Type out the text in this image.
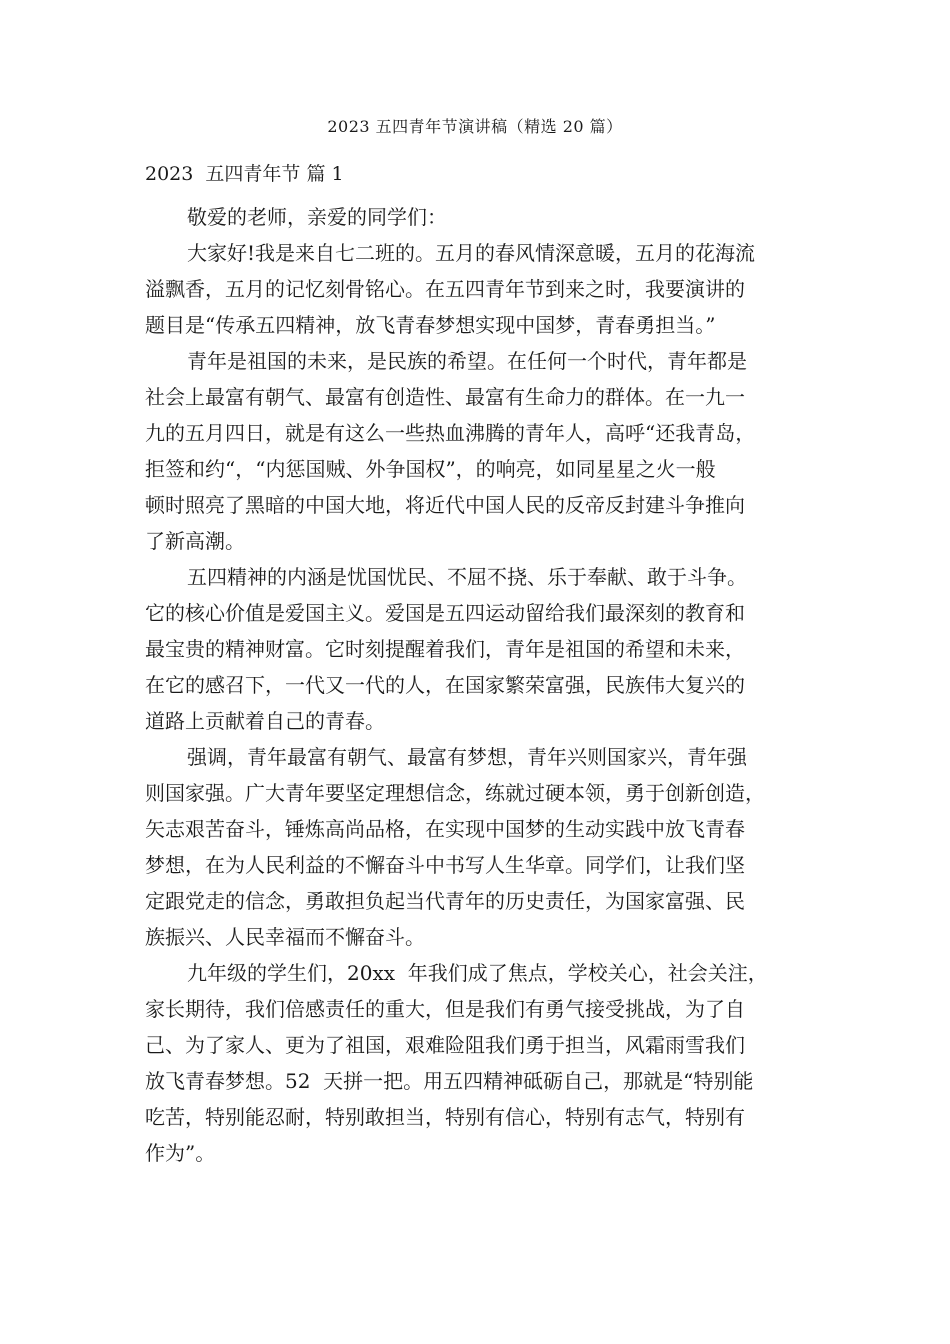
2023 五四青年节演讲稿（精选 20 篇）
2023  五四青年节 篇 1

敬爱的老师，亲爱的同学们：

大家好!我是来自七二班的。五月的春风情深意暖，五月的花海流
溢飘香，五月的记忆刻骨铭心。在五四青年节到来之时，我要演讲的
题目是“传承五四精神，放飞青春梦想实现中国梦，青春勇担当。”

青年是祖国的未来，是民族的希望。在任何一个时代，青年都是
社会上最富有朝气、最富有创造性、最富有生命力的群体。在一九一
九的五月四日，就是有这么一些热血沸腾的青年人，高呼“还我青岛，
拒签和约“，“内惩国贼、外争国权”，的响亮，如同星星之火一般
顿时照亮了黑暗的中国大地，将近代中国人民的反帝反封建斗争推向
了新高潮。

五四精神的内涵是忧国忧民、不屈不挠、乐于奉献、敢于斗争。
它的核心价值是爱国主义。爱国是五四运动留给我们最深刻的教育和
最宝贵的精神财富。它时刻提醒着我们，青年是祖国的希望和未来，
在它的感召下，一代又一代的人，在国家繁荣富强，民族伟大复兴的
道路上贡献着自己的青春。

强调，青年最富有朝气、最富有梦想，青年兴则国家兴，青年强
则国家强。广大青年要坚定理想信念，练就过硬本领，勇于创新创造，
矢志艰苦奋斗，锤炼高尚品格，在实现中国梦的生动实践中放飞青春
梦想，在为人民利益的不懈奋斗中书写人生华章。同学们，让我们坚
定跟党走的信念，勇敢担负起当代青年的历史责任，为国家富强、民
族振兴、人民幸福而不懈奋斗。

九年级的学生们，20xx  年我们成了焦点，学校关心，社会关注，
家长期待，我们倍感责任的重大，但是我们有勇气接受挑战，为了自
己、为了家人、更为了祖国，艰难险阻我们勇于担当，风霜雨雪我们
放飞青春梦想。52  天拼一把。用五四精神砥砺自己，那就是“特别能
吃苦，特别能忍耐，特别敢担当，特别有信心，特别有志气，特别有
作为”。
